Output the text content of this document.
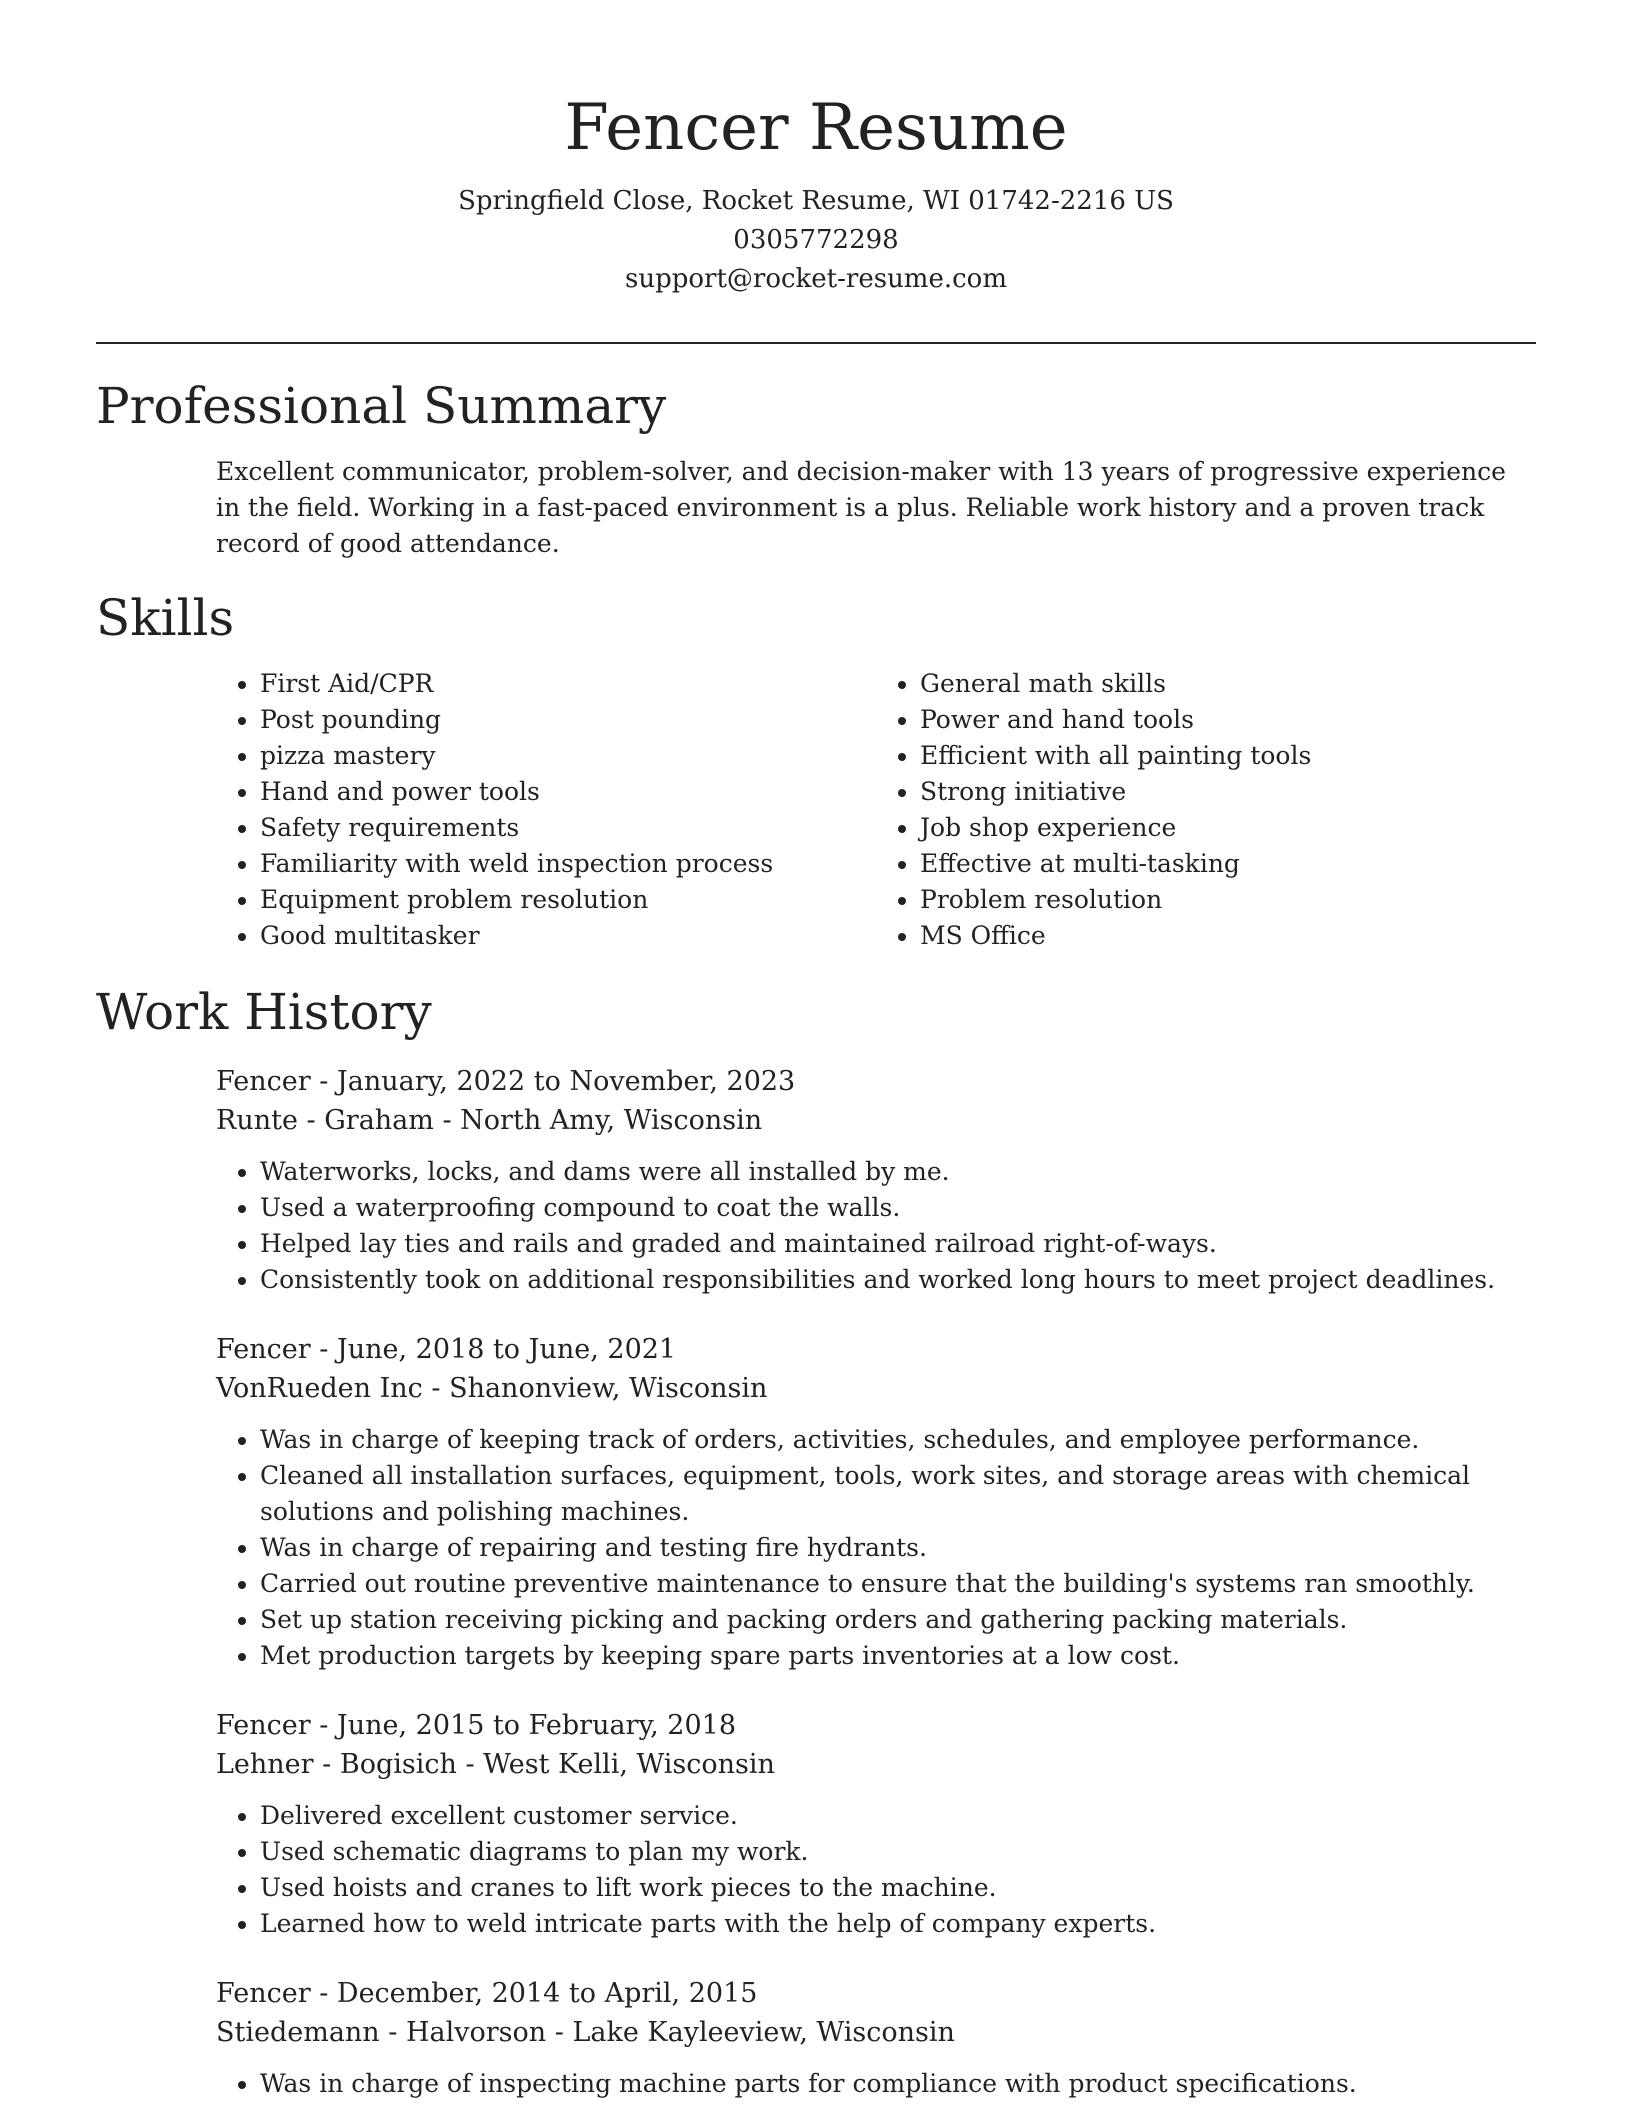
Fencer Resume
Springfield Close, Rocket Resume, WI 01742-2216 US
0305772298
support@rocket-resume.com
Professional Summary

Excellent communicator, problem-solver, and decision-maker with 13 years of progressive experience in the field. Working in a fast-paced environment is a plus. Reliable work history and a proven track record of good attendance.

Skills
• First Aid/CPR
• Post pounding
• pizza mastery
• Hand and power tools
• Safety requirements
• Familiarity with weld inspection process
• Equipment problem resolution
• Good multitasker
• General math skills
• Power and hand tools
• Efficient with all painting tools
• Strong initiative
• Job shop experience
• Effective at multi-tasking
• Problem resolution
• MS Office
Work History
Fencer - January, 2022 to November, 2023
Runte - Graham - North Amy, Wisconsin
• Waterworks, locks, and dams were all installed by me.
• Used a waterproofing compound to coat the walls.
• Helped lay ties and rails and graded and maintained railroad right-of-ways.
• Consistently took on additional responsibilities and worked long hours to meet project deadlines.
Fencer - June, 2018 to June, 2021
VonRueden Inc - Shanonview, Wisconsin
• Was in charge of keeping track of orders, activities, schedules, and employee performance.
• Cleaned all installation surfaces, equipment, tools, work sites, and storage areas with chemical solutions and polishing machines.
• Was in charge of repairing and testing fire hydrants.
• Carried out routine preventive maintenance to ensure that the building's systems ran smoothly.
• Set up station receiving picking and packing orders and gathering packing materials.
• Met production targets by keeping spare parts inventories at a low cost.
Fencer - June, 2015 to February, 2018
Lehner - Bogisich - West Kelli, Wisconsin
• Delivered excellent customer service.
• Used schematic diagrams to plan my work.
• Used hoists and cranes to lift work pieces to the machine.
• Learned how to weld intricate parts with the help of company experts.
Fencer - December, 2014 to April, 2015
Stiedemann - Halvorson - Lake Kayleeview, Wisconsin
• Was in charge of inspecting machine parts for compliance with product specifications.
